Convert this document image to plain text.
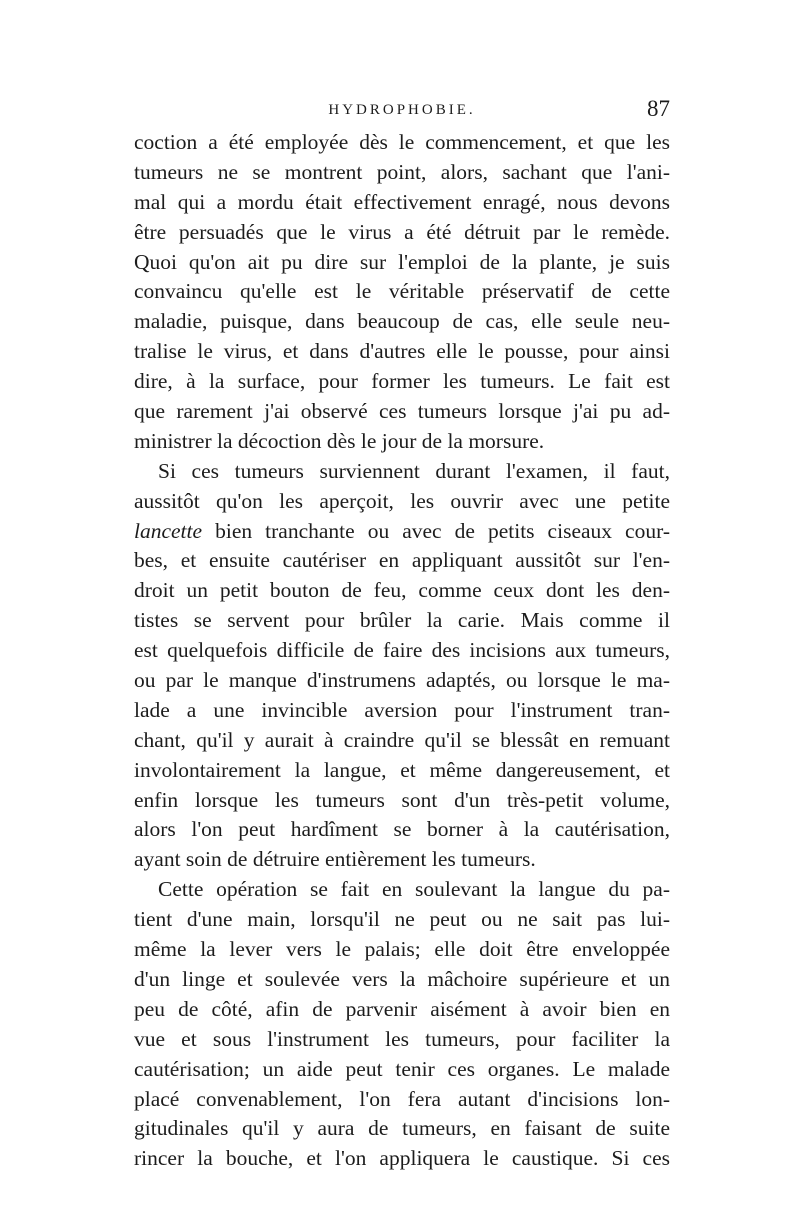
HYDROPHOBIE.	87
coction a été employée dès le commencement, et que les
tumeurs ne se montrent point, alors, sachant que l'ani-
mal qui a mordu était effectivement enragé, nous devons
être persuadés que le virus a été détruit par le remède.
Quoi qu'on ait pu dire sur l'emploi de la plante, je suis
convaincu qu'elle est le véritable préservatif de cette
maladie, puisque, dans beaucoup de cas, elle seule neu-
tralise le virus, et dans d'autres elle le pousse, pour ainsi
dire, à la surface, pour former les tumeurs. Le fait est
que rarement j'ai observé ces tumeurs lorsque j'ai pu ad-
ministrer la décoction dès le jour de la morsure.
Si ces tumeurs surviennent durant l'examen, il faut,
aussitôt qu'on les aperçoit, les ouvrir avec une petite
lancette bien tranchante ou avec de petits ciseaux cour-
bes, et ensuite cautériser en appliquant aussitôt sur l'en-
droit un petit bouton de feu, comme ceux dont les den-
tistes se servent pour brûler la carie. Mais comme il
est quelquefois difficile de faire des incisions aux tumeurs,
ou par le manque d'instrumens adaptés, ou lorsque le ma-
lade a une invincible aversion pour l'instrument tran-
chant, qu'il y aurait à craindre qu'il se blessât en remuant
involontairement la langue, et même dangereusement, et
enfin lorsque les tumeurs sont d'un très-petit volume,
alors l'on peut hardîment se borner à la cautérisation,
ayant soin de détruire entièrement les tumeurs.
Cette opération se fait en soulevant la langue du pa-
tient d'une main, lorsqu'il ne peut ou ne sait pas lui-
même la lever vers le palais; elle doit être enveloppée
d'un linge et soulevée vers la mâchoire supérieure et un
peu de côté, afin de parvenir aisément à avoir bien en
vue et sous l'instrument les tumeurs, pour faciliter la
cautérisation; un aide peut tenir ces organes. Le malade
placé convenablement, l'on fera autant d'incisions lon-
gitudinales qu'il y aura de tumeurs, en faisant de suite
rincer la bouche, et l'on appliquera le caustique. Si ces
